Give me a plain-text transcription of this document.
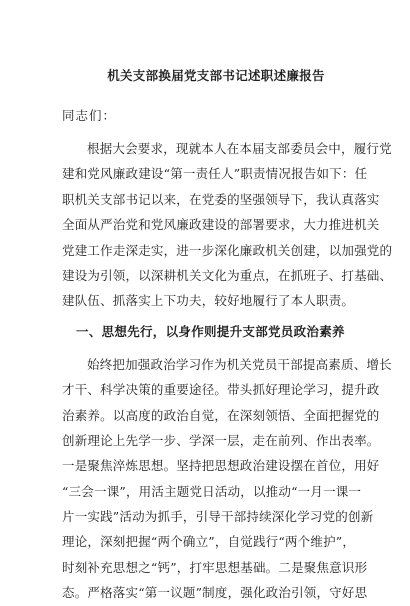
机关支部换届党支部书记述职述廉报告
同志们：
根据大会要求，现就本人在本届支部委员会中，履行党
建和党风廉政建设“第一责任人”职责情况报告如下：任
职机关支部书记以来，在党委的坚强领导下，我认真落实
全面从严治党和党风廉政建设的部署要求，大力推进机关
党建工作走深走实，进一步深化廉政机关创建，以加强党的
建设为引领，以深耕机关文化为重点，在抓班子、打基础、
建队伍、抓落实上下功夫，较好地履行了本人职责。
一、思想先行，以身作则提升支部党员政治素养
始终把加强政治学习作为机关党员干部提高素质、增长
才干、科学决策的重要途径。带头抓好理论学习，提升政
治素养。以高度的政治自觉，在深刻领悟、全面把握党的
创新理论上先学一步、学深一层，走在前列、作出表率。
一是聚焦淬炼思想。坚持把思想政治建设摆在首位，用好
“三会一课”，用活主题党日活动，以推动“一月一课一
片一实践”活动为抓手，引导干部持续深化学习党的创新
理论，深刻把握“两个确立”，自觉践行“两个维护”，
时刻补充思想之“钙”，打牢思想基础。二是聚焦意识形
态。严格落实“第一议题”制度，强化政治引领，守好思
